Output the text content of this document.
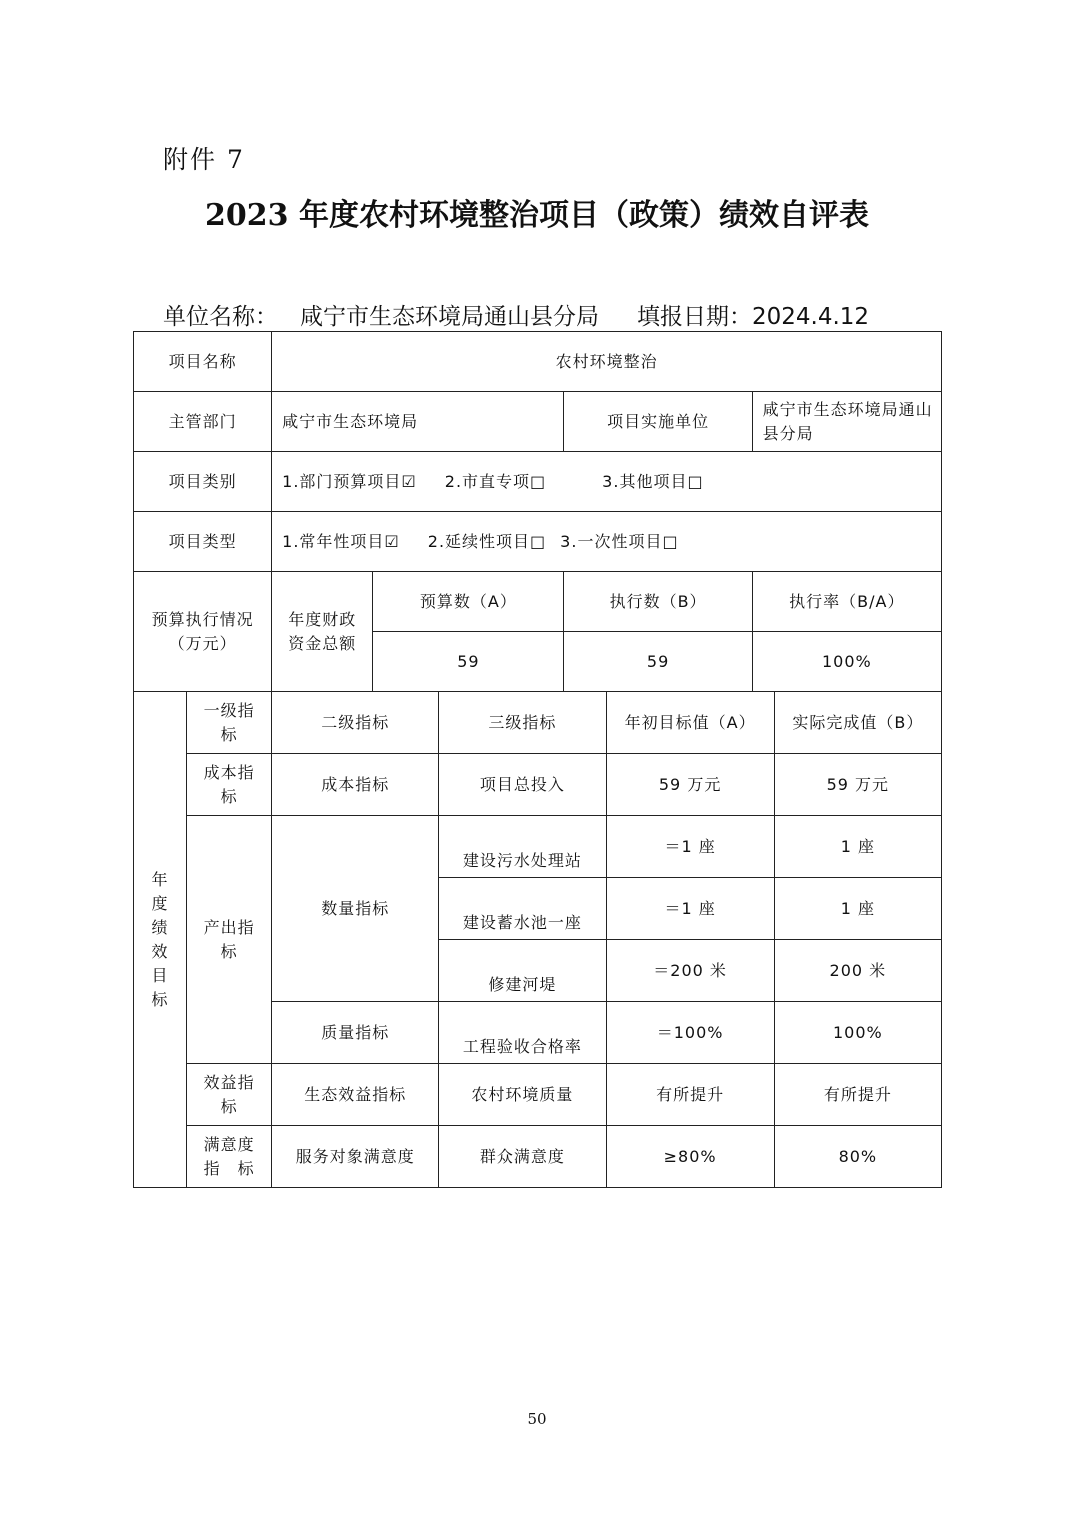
附件 7
2023 年度农村环境整治项目（政策）绩效自评表
单位名称： 咸宁市生态环境局通山县分局 填报日期：2024.4.12
项目名称		农村环境整治						
主管部门		咸宁市生态环境局			项目实施单位		咸宁市生态环境局通山县分局	
项目类别		1.部门预算项目☑ 2.市直专项□ 3.其他项目□						
项目类型		1.常年性项目☑ 2.延续性项目□ 3.一次性项目□						
预算执行情况（万元）		年度财政资金总额	预算数（A）		执行数（B）		执行率（B/A）	
			59		59		100%	
年度绩效目标	一级指标	二级指标		三级指标		年初目标值（A）		实际完成值（B）
	成本指标	成本指标		项目总投入		59 万元		59 万元
	产出指标	数量指标		建设污水处理站		＝1 座		1 座
				建设蓄水池一座		＝1 座		1 座
				修建河堤		＝200 米		200 米
		质量指标		工程验收合格率		＝100%		100%
	效益指标	生态效益指标		农村环境质量		有所提升		有所提升
	满意度指　标	服务对象满意度		群众满意度		≥80%		80%
50
